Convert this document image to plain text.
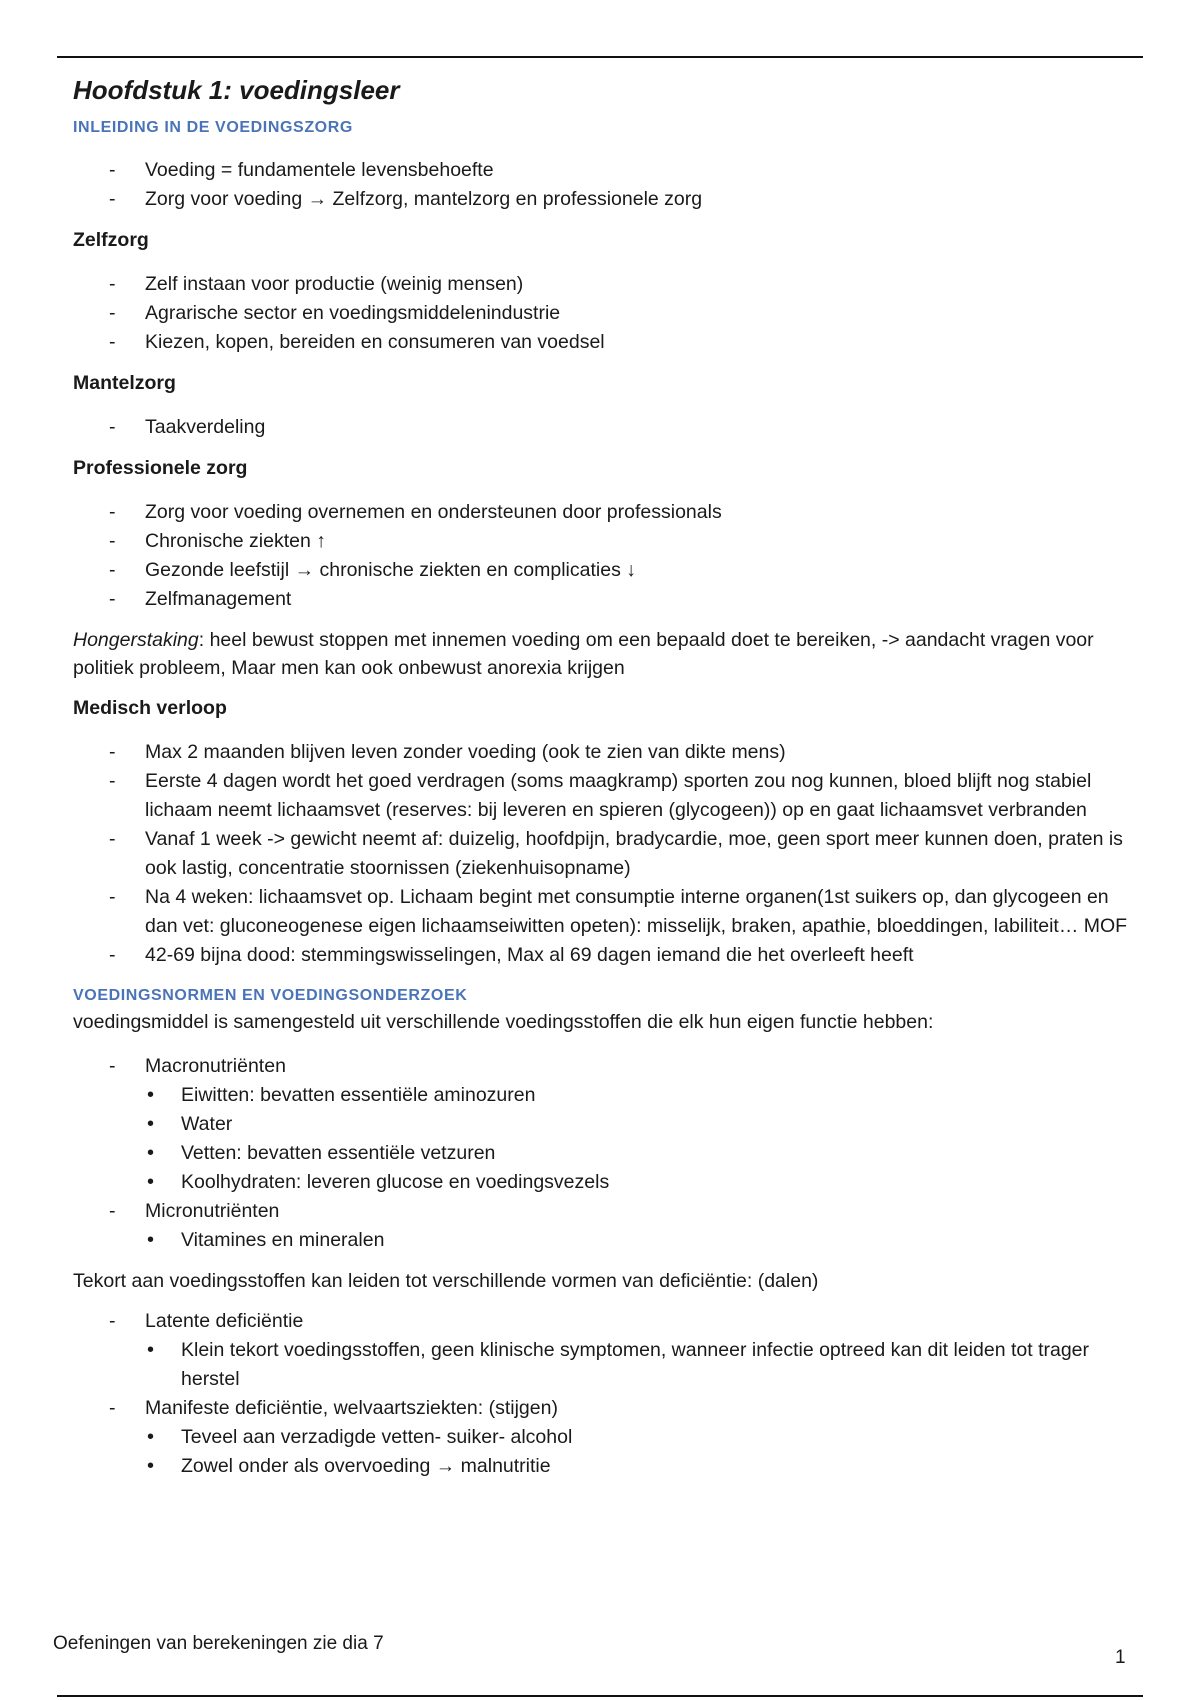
Hoofdstuk 1: voedingsleer
INLEIDING IN DE VOEDINGSZORG
- Voeding = fundamentele levensbehoefte
- Zorg voor voeding → Zelfzorg, mantelzorg en professionele zorg
Zelfzorg
- Zelf instaan voor productie (weinig mensen)
- Agrarische sector en voedingsmiddelenindustrie
- Kiezen, kopen, bereiden en consumeren van voedsel
Mantelzorg
- Taakverdeling
Professionele zorg
- Zorg voor voeding overnemen en ondersteunen door professionals
- Chronische ziekten ↑
- Gezonde leefstijl → chronische ziekten en complicaties ↓
- Zelfmanagement

Hongerstaking: heel bewust stoppen met innemen voeding om een bepaald doet te bereiken, -> aandacht vragen voor politiek probleem, Maar men kan ook onbewust anorexia krijgen

Medisch verloop
- Max 2 maanden blijven leven zonder voeding (ook te zien van dikte mens)
- Eerste 4 dagen wordt het goed verdragen (soms maagkramp) sporten zou nog kunnen, bloed blijft nog stabiel lichaam neemt lichaamsvet (reserves: bij leveren en spieren (glycogeen)) op en gaat lichaamsvet verbranden
- Vanaf 1 week -> gewicht neemt af: duizelig, hoofdpijn, bradycardie, moe, geen sport meer kunnen doen, praten is ook lastig, concentratie stoornissen (ziekenhuisopname)
- Na 4 weken: lichaamsvet op. Lichaam begint met consumptie interne organen(1st suikers op, dan glycogeen en dan vet: gluconeogenese eigen lichaamseiwitten opeten): misselijk, braken, apathie, bloeddingen, labiliteit… MOF
- 42-69 bijna dood: stemmingswisselingen, Max al 69 dagen iemand die het overleeft heeft
VOEDINGSNORMEN EN VOEDINGSONDERZOEK

voedingsmiddel is samengesteld uit verschillende voedingsstoffen die elk hun eigen functie hebben:

- Macronutriënten
• Eiwitten: bevatten essentiële aminozuren
• Water
• Vetten: bevatten essentiële vetzuren
• Koolhydraten: leveren glucose en voedingsvezels
- Micronutriënten
• Vitamines en mineralen

Tekort aan voedingsstoffen kan leiden tot verschillende vormen van deficiëntie: (dalen)

- Latente deficiëntie
• Klein tekort voedingsstoffen, geen klinische symptomen, wanneer infectie optreed kan dit leiden tot trager herstel
- Manifeste deficiëntie, welvaartsziekten: (stijgen)
• Teveel aan verzadigde vetten- suiker- alcohol
• Zowel onder als overvoeding → malnutritie
Oefeningen van berekeningen zie dia 7
1
